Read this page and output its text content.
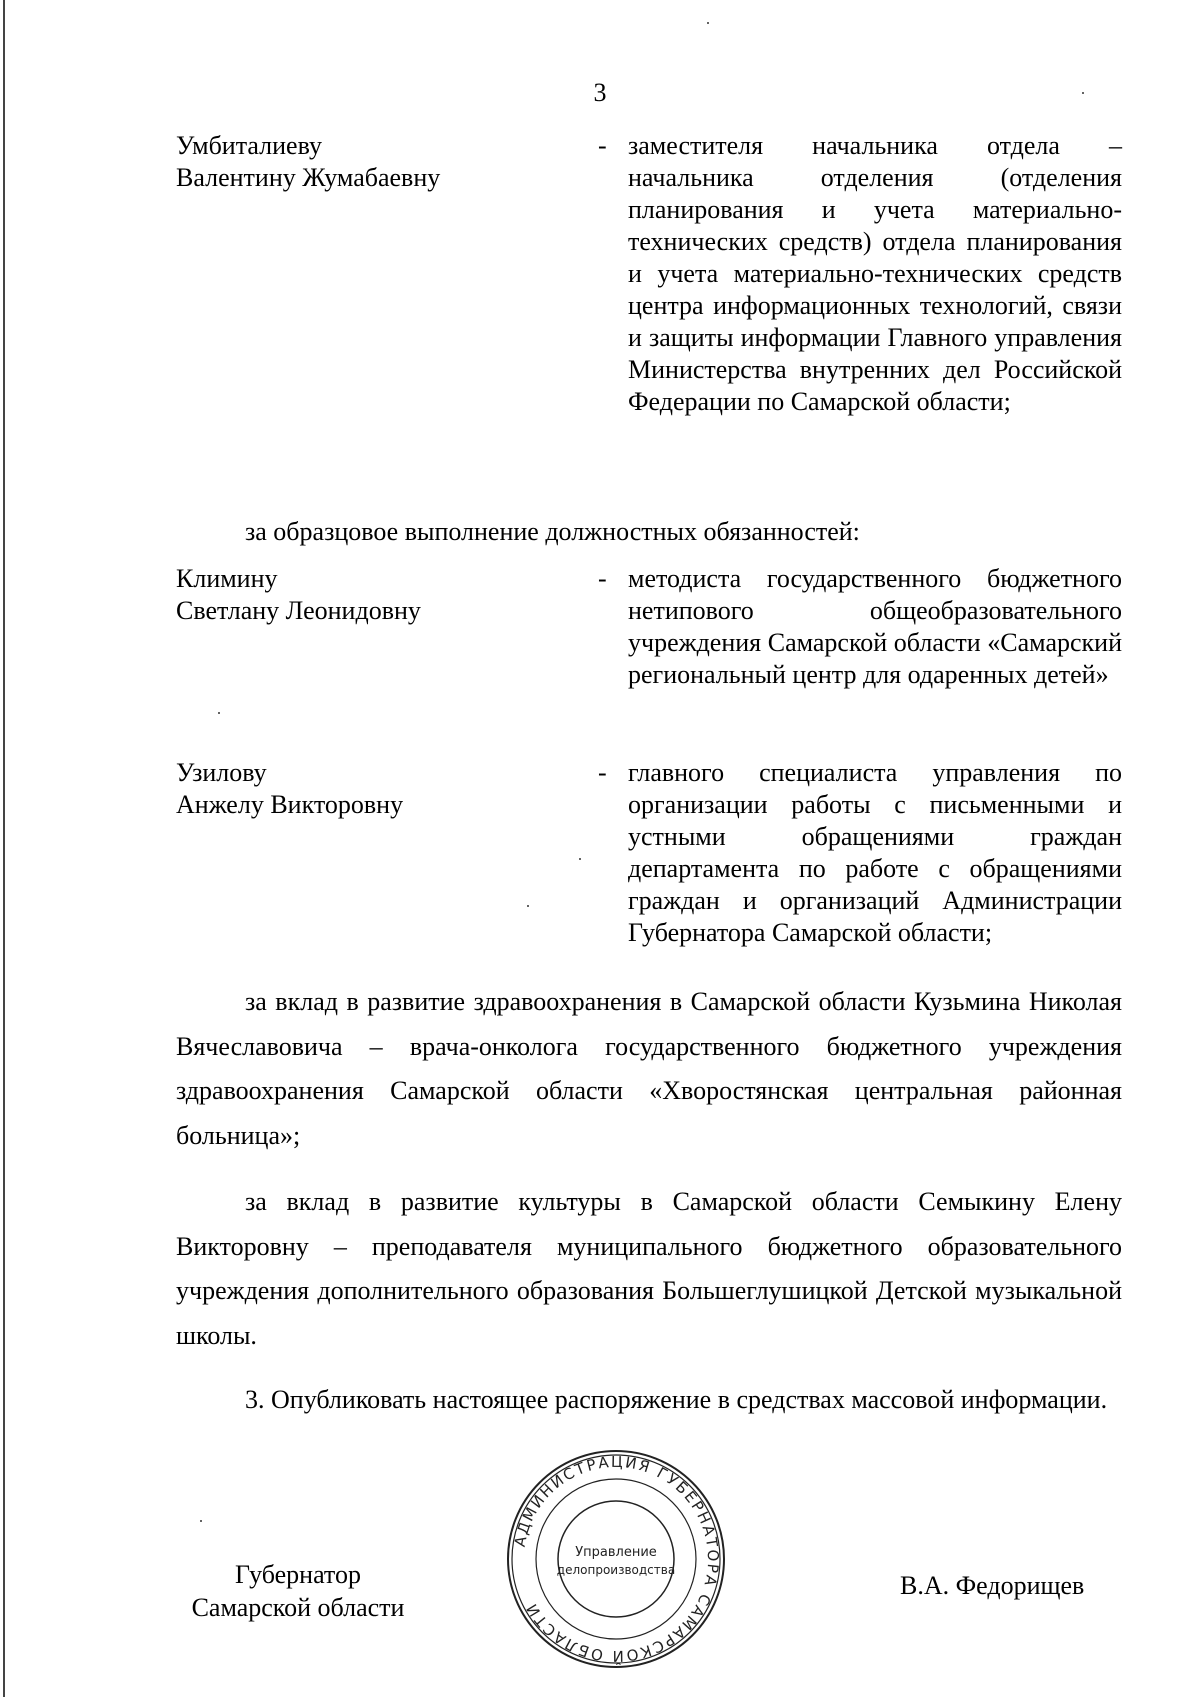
3
Умбиталиеву
Валентину Жумабаевну
- заместителя начальника отдела – начальника отделения (отделения планирования и учета материально-технических средств) отдела планирования и учета материально-технических средств центра информационных технологий, связи и защиты информации Главного управления Министерства внутренних дел Российской Федерации по Самарской области;
за образцовое выполнение должностных обязанностей:
Климину
Светлану Леонидовну
- методиста государственного бюджетного нетипового общеобразовательного учреждения Самарской области «Самарский региональный центр для одаренных детей»
Узилову
Анжелу Викторовну
- главного специалиста управления по организации работы с письменными и устными обращениями граждан департамента по работе с обращениями граждан и организаций Администрации Губернатора Самарской области;

за вклад в развитие здравоохранения в Самарской области Кузьмина Николая Вячеславовича – врача-онколога государственного бюджетного учреждения здравоохранения Самарской области «Хворостянская центральная районная больница»;

за вклад в развитие культуры в Самарской области Семыкину Елену Викторовну – преподавателя муниципального бюджетного образовательного учреждения дополнительного образования Большеглушицкой Детской музыкальной школы.

3. Опубликовать настоящее распоряжение в средствах массовой информации.

АДМИНИСТРАЦИЯ ГУБЕРНАТОРА САМАРСКОЙ ОБЛАСТИ
Управление
делопроизводства
Губернатор
Самарской области
В.А. Федорищев
